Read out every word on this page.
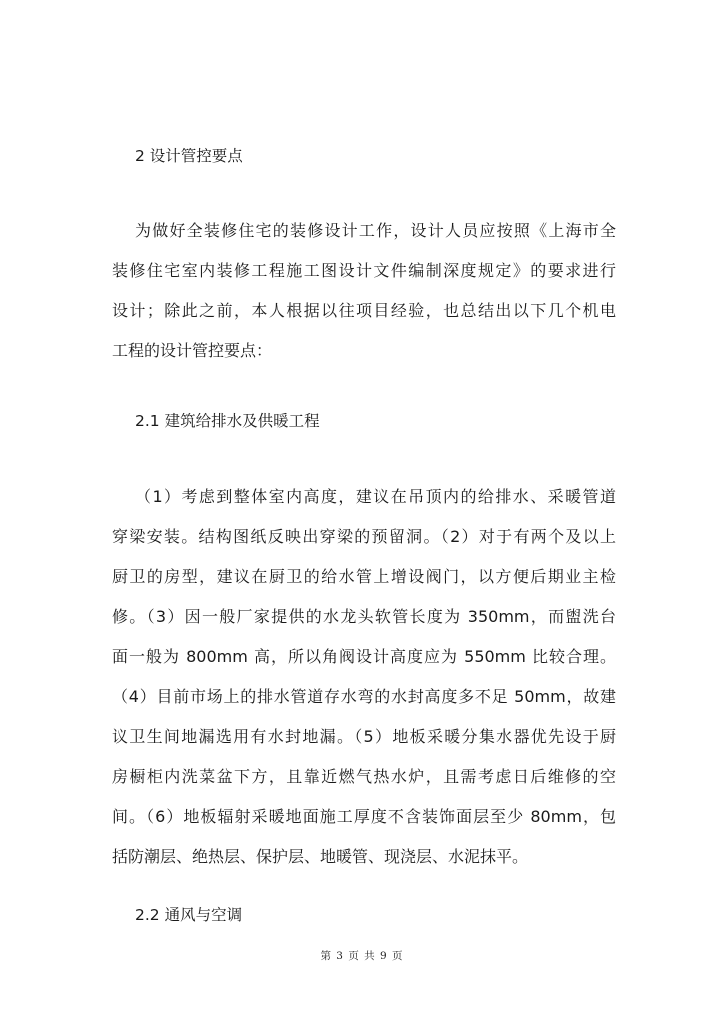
2 设计管控要点
为做好全装修住宅的装修设计工作，设计人员应按照《上海市全
装修住宅室内装修工程施工图设计文件编制深度规定》的要求进行
设计；除此之前，本人根据以往项目经验，也总结出以下几个机电
工程的设计管控要点：
2.1 建筑给排水及供暖工程
（1）考虑到整体室内高度，建议在吊顶内的给排水、采暖管道
穿梁安装。结构图纸反映出穿梁的预留洞。（2）对于有两个及以上
厨卫的房型，建议在厨卫的给水管上增设阀门，以方便后期业主检
修。（3）因一般厂家提供的水龙头软管长度为 350mm，而盥洗台
面一般为 800mm 高，所以角阀设计高度应为 550mm 比较合理。
（4）目前市场上的排水管道存水弯的水封高度多不足 50mm，故建
议卫生间地漏选用有水封地漏。（5）地板采暖分集水器优先设于厨
房橱柜内洗菜盆下方，且靠近燃气热水炉，且需考虑日后维修的空
间。（6）地板辐射采暖地面施工厚度不含装饰面层至少 80mm，包
括防潮层、绝热层、保护层、地暖管、现浇层、水泥抹平。
2.2 通风与空调
第 3 页 共 9 页
